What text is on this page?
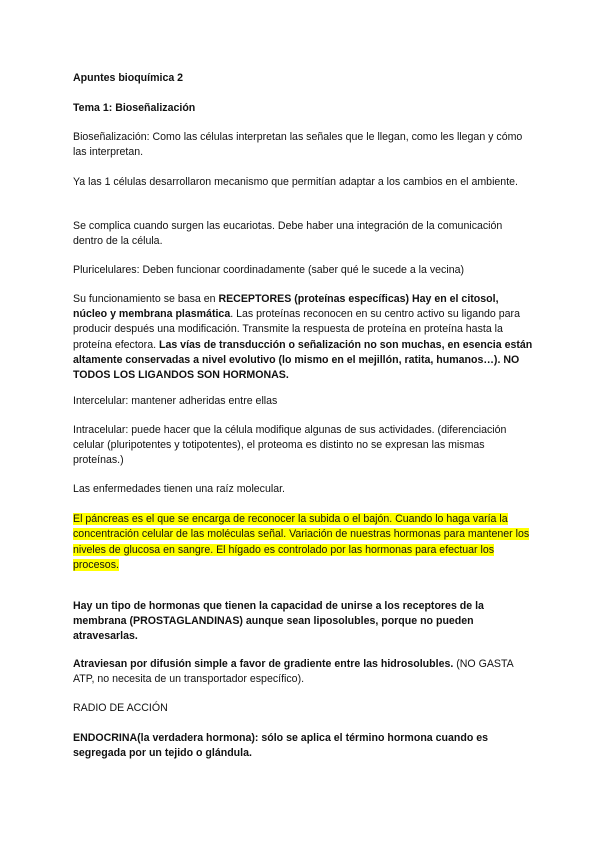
Apuntes bioquímica 2
Tema 1: Bioseñalización
Bioseñalización: Como las células interpretan las señales que le llegan, como les llegan y cómo las interpretan.
Ya las 1 células desarrollaron mecanismo que permitían adaptar a los cambios en el ambiente.
Se complica cuando surgen las eucariotas. Debe haber una integración de la comunicación dentro de la célula.
Pluricelulares: Deben funcionar coordinadamente (saber qué le sucede a la vecina)
Su funcionamiento se basa en RECEPTORES (proteínas específicas) Hay en el citosol, núcleo y membrana plasmática. Las proteínas reconocen en su centro activo su ligando para producir después una modificación. Transmite la respuesta de proteína en proteína hasta la proteína efectora. Las vías de transducción o señalización no son muchas, en esencia están altamente conservadas a nivel evolutivo (lo mismo en el mejillón, ratita, humanos…). NO TODOS LOS LIGANDOS SON HORMONAS.
Intercelular: mantener adheridas entre ellas
Intracelular: puede hacer que la célula modifique algunas de sus actividades. (diferenciación celular (pluripotentes y totipotentes), el proteoma es distinto no se expresan las mismas proteínas.)
Las enfermedades tienen una raíz molecular.
El páncreas es el que se encarga de reconocer la subida o el bajón. Cuando lo haga varía la concentración celular de las moléculas señal. Variación de nuestras hormonas para mantener los niveles de glucosa en sangre. El hígado es controlado por las hormonas para efectuar los procesos.
Hay un tipo de hormonas que tienen la capacidad de unirse a los receptores de la membrana (PROSTAGLANDINAS) aunque sean liposolubles, porque no pueden atravesarlas.
Atraviesan por difusión simple a favor de gradiente entre las hidrosolubles. (NO GASTA ATP, no necesita de un transportador específico).
RADIO DE ACCIÓN
ENDOCRINA(la verdadera hormona): sólo se aplica el término hormona cuando es segregada por un tejido o glándula.
